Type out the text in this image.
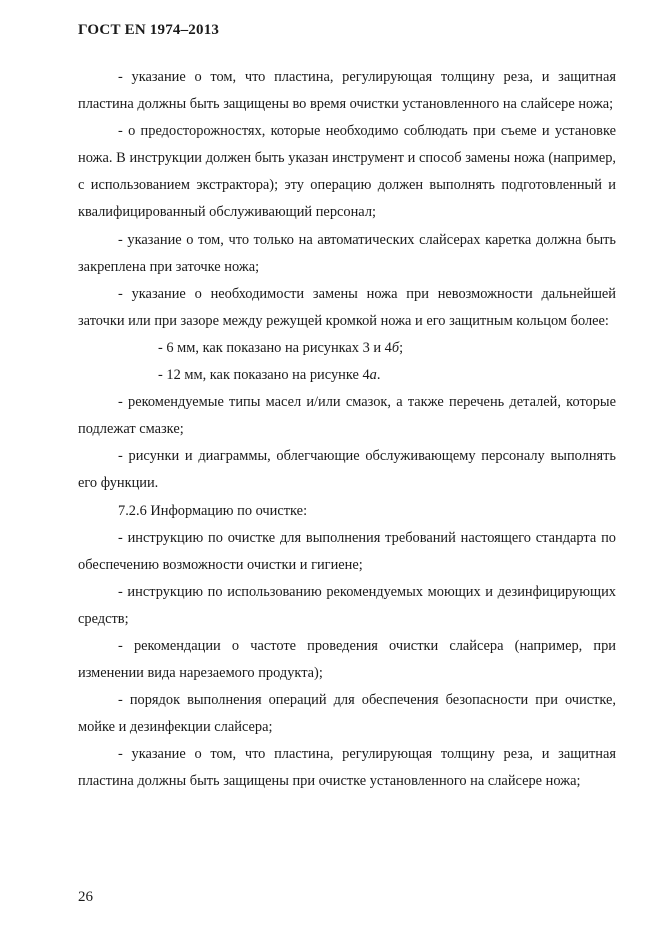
ГОСТ EN 1974–2013

- указание о том, что пластина, регулирующая толщину реза, и защитная пластина должны быть защищены во время очистки установленного на слайсере ножа;

- о предосторожностях, которые необходимо соблюдать при съеме и установке ножа. В инструкции должен быть указан инструмент и способ замены ножа (например, с использованием экстрактора); эту операцию должен выполнять подготовленный и квалифицированный обслуживающий персонал;

- указание о том, что только на автоматических слайсерах каретка должна быть закреплена при заточке ножа;

- указание о необходимости замены ножа при невозможности дальнейшей заточки или при зазоре между режущей кромкой ножа и его защитным кольцом более:

- 6 мм, как показано на рисунках 3 и 4б;

- 12 мм, как показано на рисунке 4а.

- рекомендуемые типы масел и/или смазок, а также перечень деталей, которые подлежат смазке;

- рисунки и диаграммы, облегчающие обслуживающему персоналу выполнять его функции.

7.2.6 Информацию по очистке:

- инструкцию по очистке для выполнения требований настоящего стандарта по обеспечению возможности очистки и гигиене;

- инструкцию по использованию рекомендуемых моющих и дезинфицирующих средств;

- рекомендации о частоте проведения очистки слайсера (например, при изменении вида нарезаемого продукта);

- порядок выполнения операций для обеспечения безопасности при очистке, мойке и дезинфекции слайсера;

- указание о том, что пластина, регулирующая толщину реза, и защитная пластина должны быть защищены при очистке установленного на слайсере ножа;

26
